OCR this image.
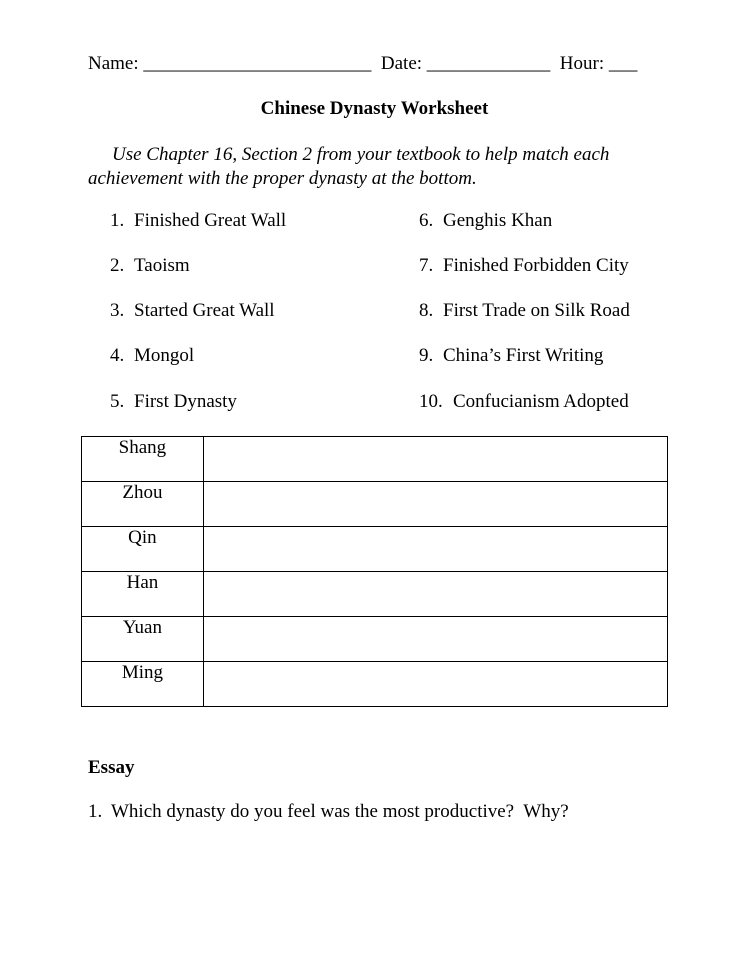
Name: ________________________  Date: _____________  Hour: ___
Chinese Dynasty Worksheet
Use Chapter 16, Section 2 from your textbook to help match each achievement with the proper dynasty at the bottom.
1. Finished Great Wall
2. Taoism
3. Started Great Wall
4. Mongol
5. First Dynasty
6. Genghis Khan
7. Finished Forbidden City
8. First Trade on Silk Road
9. China’s First Writing
10. Confucianism Adopted
Shang	
Zhou	
Qin	
Han	
Yuan	
Ming	
Essay
1. Which dynasty do you feel was the most productive?  Why?
